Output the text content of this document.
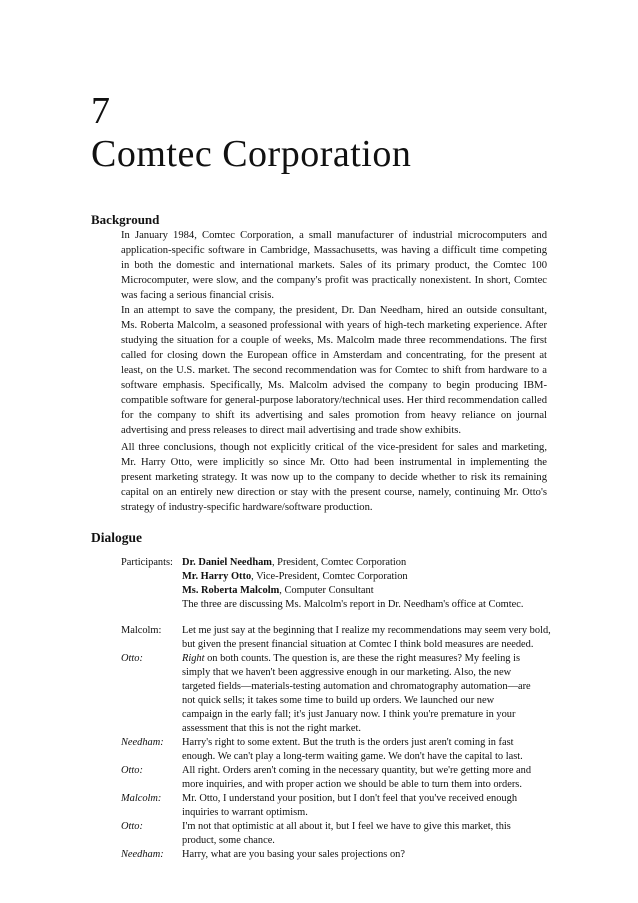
7
Comtec Corporation
Background

In January 1984, Comtec Corporation, a small manufacturer of industrial microcomputers and application-specific software in Cambridge, Massachusetts, was having a difficult time competing in both the domestic and international markets. Sales of its primary product, the Comtec 100 Microcomputer, were slow, and the company's profit was practically nonexistent. In short, Comtec was facing a serious financial crisis.

In an attempt to save the company, the president, Dr. Dan Needham, hired an outside consultant, Ms. Roberta Malcolm, a seasoned professional with years of high-tech marketing experience. After studying the situation for a couple of weeks, Ms. Malcolm made three recommendations. The first called for closing down the European office in Amsterdam and concentrating, for the present at least, on the U.S. market. The second recommendation was for Comtec to shift from hardware to a software emphasis. Specifically, Ms. Malcolm advised the company to begin producing IBM-compatible software for general-purpose laboratory/technical uses. Her third recommendation called for the company to shift its advertising and sales promotion from heavy reliance on journal advertising and press releases to direct mail advertising and trade show exhibits.

All three conclusions, though not explicitly critical of the vice-president for sales and marketing, Mr. Harry Otto, were implicitly so since Mr. Otto had been instrumental in implementing the present marketing strategy. It was now up to the company to decide whether to risk its remaining capital on an entirely new direction or stay with the present course, namely, continuing Mr. Otto's strategy of industry-specific hardware/software production.

Dialogue
Participants: Dr. Daniel Needham, President, Comtec Corporation
Mr. Harry Otto, Vice-President, Comtec Corporation
Ms. Roberta Malcolm, Computer Consultant
The three are discussing Ms. Malcolm's report in Dr. Needham's office at Comtec.
Malcolm:	Let me just say at the beginning that I realize my recommendations may seem very bold,
but given the present financial situation at Comtec I think bold measures are needed.
Otto:	Right on both counts. The question is, are these the right measures? My feeling is
simply that we haven't been aggressive enough in our marketing. Also, the new
targeted fields—materials-testing automation and chromatography automation—are
not quick sells; it takes some time to build up orders. We launched our new
campaign in the early fall; it's just January now. I think you're premature in your
assessment that this is not the right market.
Needham:	Harry's right to some extent. But the truth is the orders just aren't coming in fast
enough. We can't play a long-term waiting game. We don't have the capital to last.
Otto:	All right. Orders aren't coming in the necessary quantity, but we're getting more and
more inquiries, and with proper action we should be able to turn them into orders.
Malcolm:	Mr. Otto, I understand your position, but I don't feel that you've received enough
inquiries to warrant optimism.
Otto:	I'm not that optimistic at all about it, but I feel we have to give this market, this
product, some chance.
Needham:	Harry, what are you basing your sales projections on?
